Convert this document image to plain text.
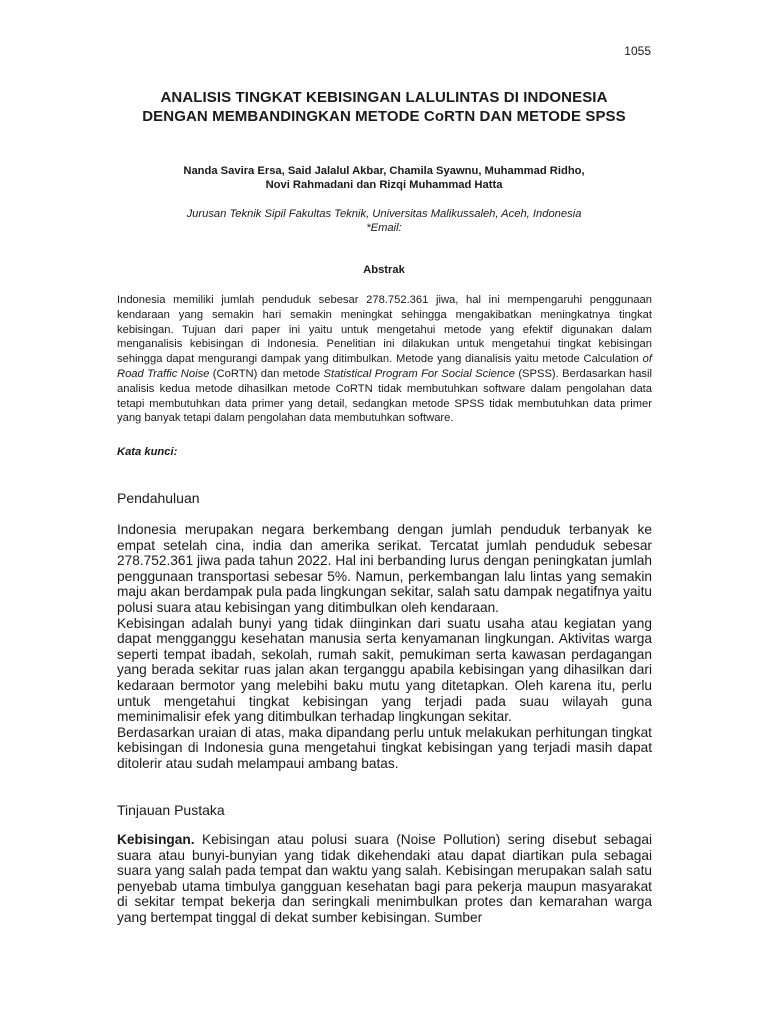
1055
ANALISIS TINGKAT KEBISINGAN LALULINTAS DI INDONESIA
DENGAN MEMBANDINGKAN METODE CoRTN DAN METODE SPSS

Nanda Savira Ersa, Said Jalalul Akbar, Chamila Syawnu, Muhammad Ridho,
Novi Rahmadani dan Rizqi Muhammad Hatta

Jurusan Teknik Sipil Fakultas Teknik, Universitas Malikussaleh, Aceh, Indonesia
*Email:

Abstrak

Indonesia memiliki jumlah penduduk sebesar 278.752.361 jiwa, hal ini mempengaruhi penggunaan kendaraan yang semakin hari semakin meningkat sehingga mengakibatkan meningkatnya tingkat kebisingan. Tujuan dari paper ini yaitu untuk mengetahui metode yang efektif digunakan dalam menganalisis kebisingan di Indonesia. Penelitian ini dilakukan untuk mengetahui tingkat kebisingan sehingga dapat mengurangi dampak yang ditimbulkan. Metode yang dianalisis yaitu metode Calculation of Road Traffic Noise (CoRTN) dan metode Statistical Program For Social Science (SPSS). Berdasarkan hasil analisis kedua metode dihasilkan metode CoRTN tidak membutuhkan software dalam pengolahan data tetapi membutuhkan data primer yang detail, sedangkan metode SPSS tidak membutuhkan data primer yang banyak tetapi dalam pengolahan data membutuhkan software.

Kata kunci:

Pendahuluan

Indonesia merupakan negara berkembang dengan jumlah penduduk terbanyak ke empat setelah cina, india dan amerika serikat. Tercatat jumlah penduduk sebesar 278.752.361 jiwa pada tahun 2022. Hal ini berbanding lurus dengan peningkatan jumlah penggunaan transportasi sebesar 5%. Namun, perkembangan lalu lintas yang semakin maju akan berdampak pula pada lingkungan sekitar, salah satu dampak negatifnya yaitu polusi suara atau kebisingan yang ditimbulkan oleh kendaraan.

Kebisingan adalah bunyi yang tidak diinginkan dari suatu usaha atau kegiatan yang dapat mengganggu kesehatan manusia serta kenyamanan lingkungan. Aktivitas warga seperti tempat ibadah, sekolah, rumah sakit, pemukiman serta kawasan perdagangan yang berada sekitar ruas jalan akan terganggu apabila kebisingan yang dihasilkan dari kedaraan bermotor yang melebihi baku mutu yang ditetapkan. Oleh karena itu, perlu untuk mengetahui tingkat kebisingan yang terjadi pada suau wilayah guna meminimalisir efek yang ditimbulkan terhadap lingkungan sekitar.

Berdasarkan uraian di atas, maka dipandang perlu untuk melakukan perhitungan tingkat kebisingan di Indonesia guna mengetahui tingkat kebisingan yang terjadi masih dapat ditolerir atau sudah melampaui ambang batas.

Tinjauan Pustaka

Kebisingan. Kebisingan atau polusi suara (Noise Pollution) sering disebut sebagai suara atau bunyi-bunyian yang tidak dikehendaki atau dapat diartikan pula sebagai suara yang salah pada tempat dan waktu yang salah. Kebisingan merupakan salah satu penyebab utama timbulya gangguan kesehatan bagi para pekerja maupun masyarakat di sekitar tempat bekerja dan seringkali menimbulkan protes dan kemarahan warga yang bertempat tinggal di dekat sumber kebisingan. Sumber
